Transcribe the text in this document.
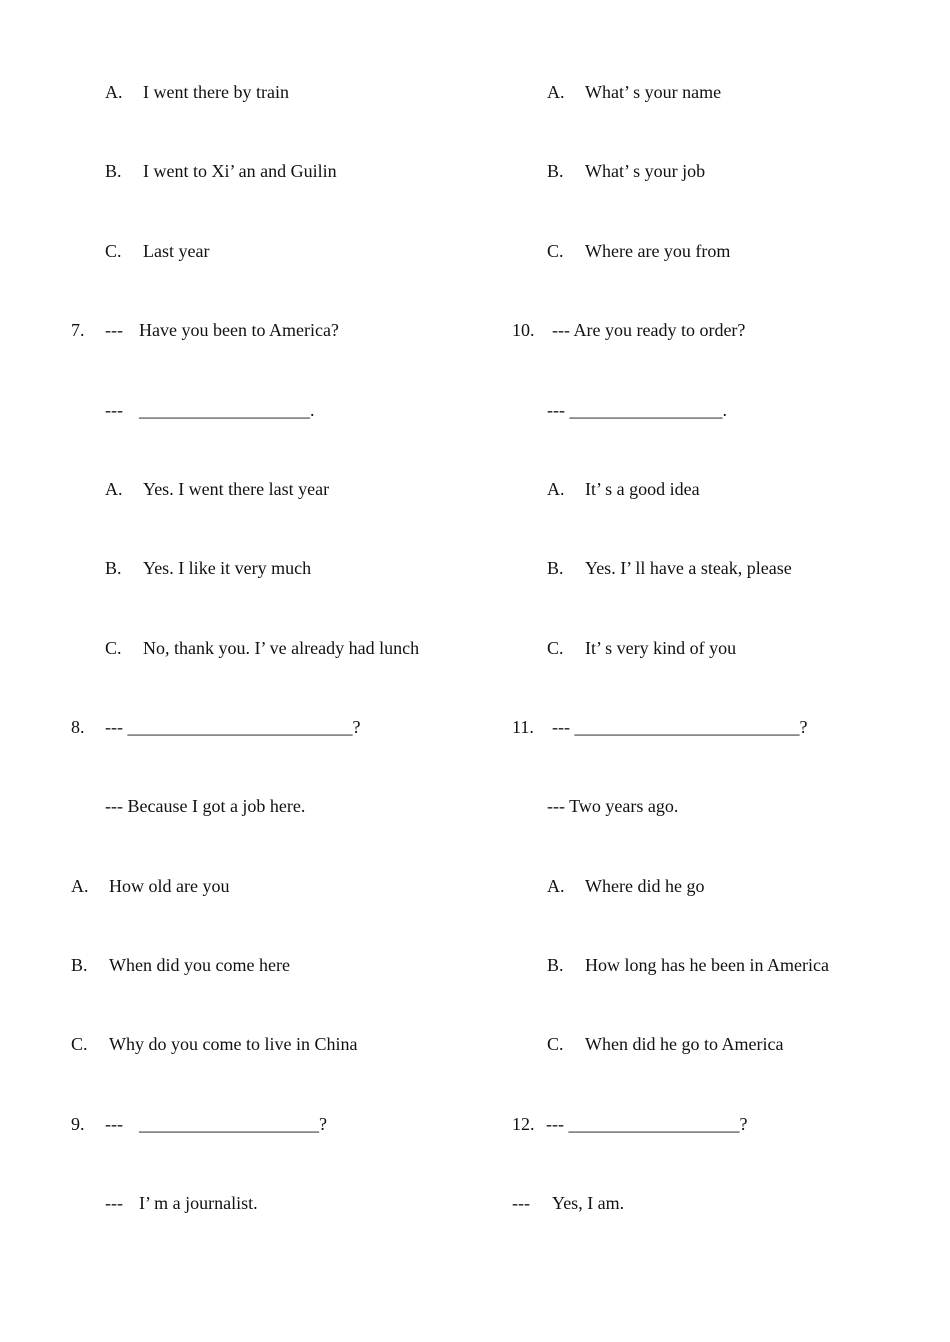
A. I went there by train

B. I went to Xi’ an and Guilin

C. Last year

7. --- Have you been to America?

--- ___________________.

A. Yes. I went there last year

B. Yes. I like it very much

C. No, thank you. I’ ve already had lunch

8. --- _________________________?

--- Because I got a job here.

A. How old are you

B. When did you come here

C. Why do you come to live in China

9. --- ____________________?

--- I’ m a journalist.

A. What’ s your name

B. What’ s your job

C. Where are you from

10. --- Are you ready to order?

--- _________________.

A. It’ s a good idea

B. Yes. I’ ll have a steak, please

C. It’ s very kind of you

11. --- _________________________?

--- Two years ago.

A. Where did he go

B. How long has he been in America

C. When did he go to America

12. --- ___________________?

--- Yes, I am.
